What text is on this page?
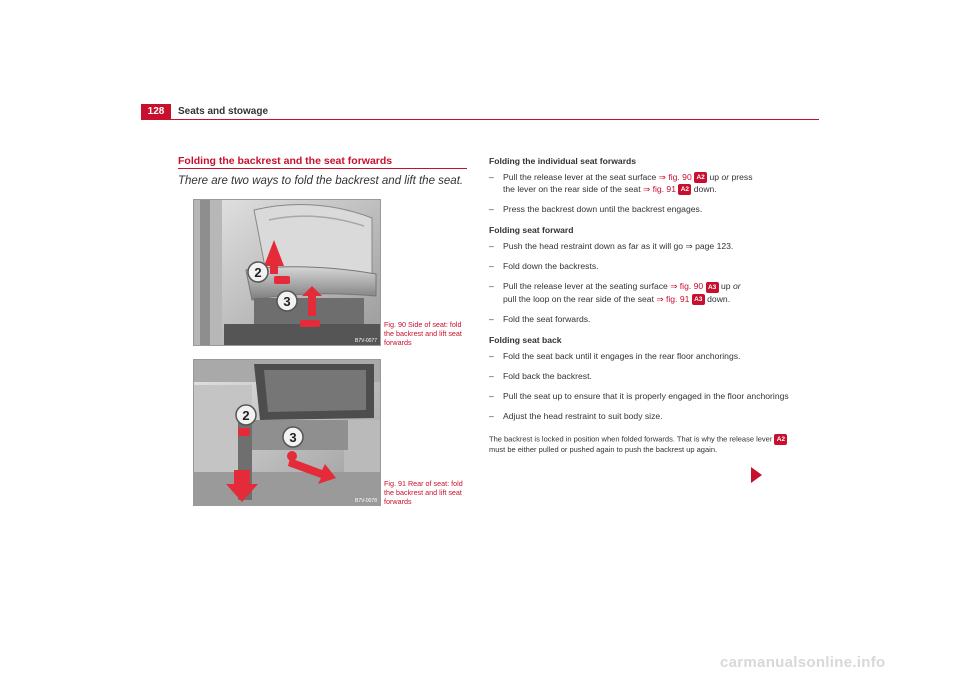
128	Seats and stowage
Folding the backrest and the seat forwards
There are two ways to fold the backrest and lift the seat.
2
3
B7V-0077
Fig. 90 Side of seat: fold the backrest and lift seat forwards
2
3
B7V-0078
Fig. 91 Rear of seat: fold the backrest and lift seat forwards
Folding the individual seat forwards
– Pull the release lever at the seat surface ⇒ fig. 90 A2 up or press
the lever on the rear side of the seat ⇒ fig. 91 A2 down.
– Press the backrest down until the backrest engages.
Folding seat forward
– Push the head restraint down as far as it will go ⇒ page 123.
– Fold down the backrests.
– Pull the release lever at the seating surface ⇒ fig. 90 A3 up or
pull the loop on the rear side of the seat ⇒ fig. 91 A3 down.
– Fold the seat forwards.
Folding seat back
– Fold the seat back until it engages in the rear floor anchorings.
– Fold back the backrest.
– Pull the seat up to ensure that it is properly engaged in the floor anchorings
– Adjust the head restraint to suit body size.
The backrest is locked in position when folded forwards. That is why the release lever A2 must be either pulled or pushed again to push the backrest up again.
carmanualsonline.info
